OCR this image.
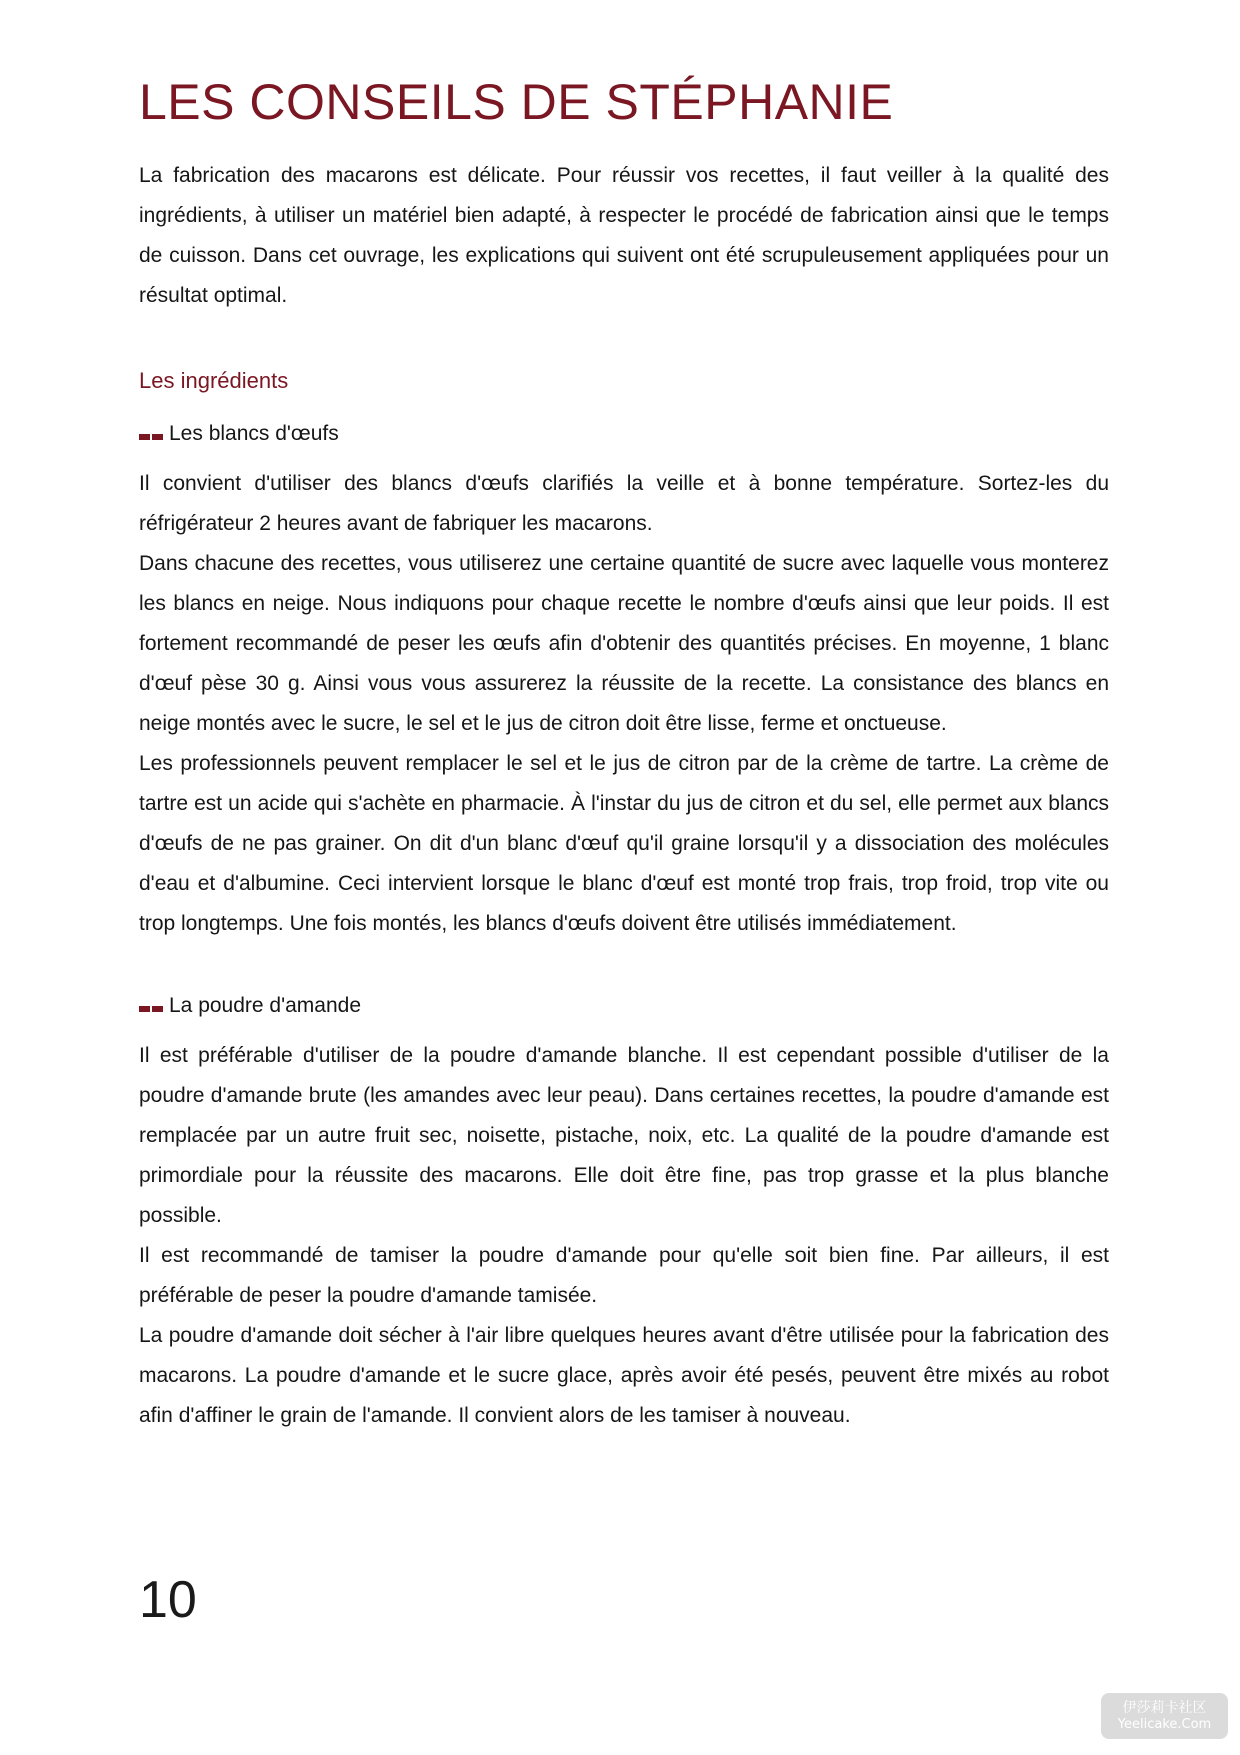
LES CONSEILS DE STÉPHANIE

La fabrication des macarons est délicate. Pour réussir vos recettes, il faut veiller à la qualité des ingrédients, à utiliser un matériel bien adapté, à respecter le procédé de fabrication ainsi que le temps de cuisson. Dans cet ouvrage, les explications qui suivent ont été scrupuleusement appliquées pour un résultat optimal.

Les ingrédients
Les blancs d'œufs

Il convient d'utiliser des blancs d'œufs clarifiés la veille et à bonne température. Sortez-les du réfrigérateur 2 heures avant de fabriquer les macarons.

Dans chacune des recettes, vous utiliserez une certaine quantité de sucre avec laquelle vous monterez les blancs en neige. Nous indiquons pour chaque recette le nombre d'œufs ainsi que leur poids. Il est fortement recommandé de peser les œufs afin d'obtenir des quantités précises. En moyenne, 1 blanc d'œuf pèse 30 g. Ainsi vous vous assurerez la réussite de la recette. La consistance des blancs en neige montés avec le sucre, le sel et le jus de citron doit être lisse, ferme et onctueuse.

Les professionnels peuvent remplacer le sel et le jus de citron par de la crème de tartre. La crème de tartre est un acide qui s'achète en pharmacie. À l'instar du jus de citron et du sel, elle permet aux blancs d'œufs de ne pas grainer. On dit d'un blanc d'œuf qu'il graine lorsqu'il y a dissociation des molécules d'eau et d'albumine. Ceci intervient lorsque le blanc d'œuf est monté trop frais, trop froid, trop vite ou trop longtemps. Une fois montés, les blancs d'œufs doivent être utilisés immédiatement.

La poudre d'amande

Il est préférable d'utiliser de la poudre d'amande blanche. Il est cependant possible d'utiliser de la poudre d'amande brute (les amandes avec leur peau). Dans certaines recettes, la poudre d'amande est remplacée par un autre fruit sec, noisette, pistache, noix, etc. La qualité de la poudre d'amande est primordiale pour la réussite des macarons. Elle doit être fine, pas trop grasse et la plus blanche possible.

Il est recommandé de tamiser la poudre d'amande pour qu'elle soit bien fine. Par ailleurs, il est préférable de peser la poudre d'amande tamisée.

La poudre d'amande doit sécher à l'air libre quelques heures avant d'être utilisée pour la fabrication des macarons. La poudre d'amande et le sucre glace, après avoir été pesés, peuvent être mixés au robot afin d'affiner le grain de l'amande. Il convient alors de les tamiser à nouveau.

10
伊莎莉卡社区
Yeelicake.Com
